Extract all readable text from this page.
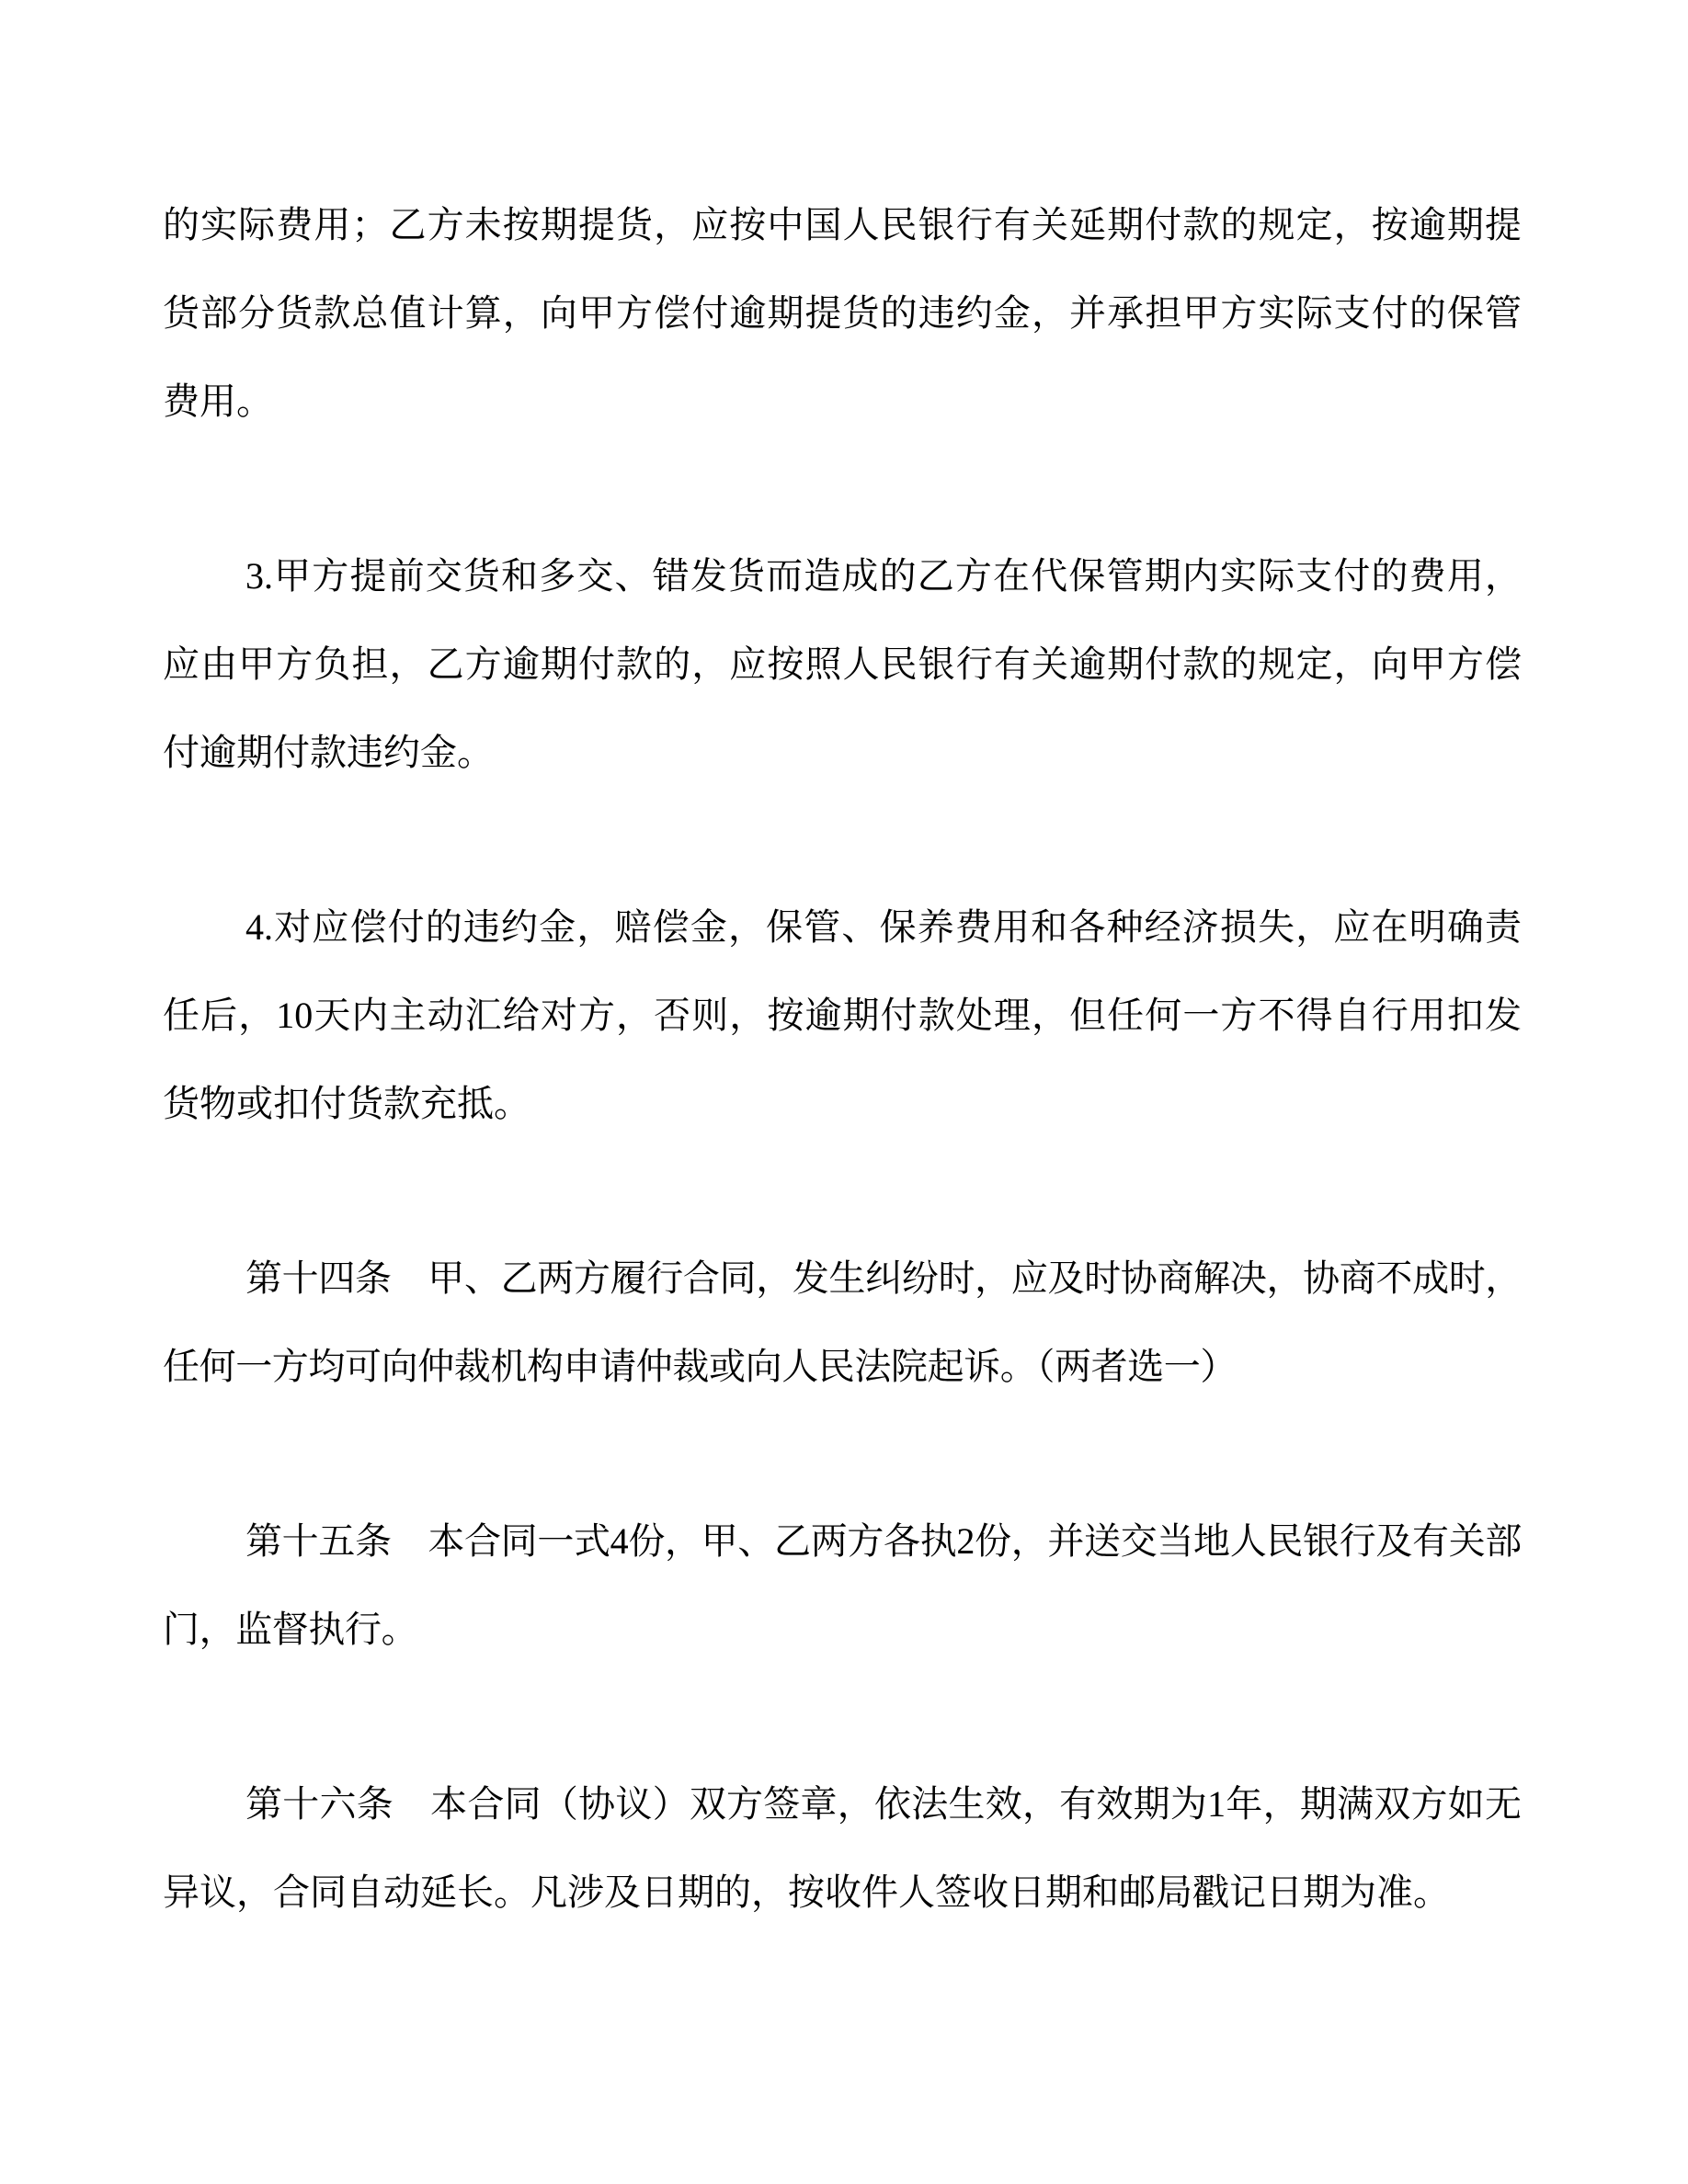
的实际费用；乙方未按期提货，应按中国人民银行有关延期付款的规定，按逾期提货部分货款总值计算，向甲方偿付逾期提货的违约金，并承担甲方实际支付的保管费用。

3.甲方提前交货和多交、错发货而造成的乙方在代保管期内实际支付的费用，应由甲方负担，乙方逾期付款的，应按照人民银行有关逾期付款的规定，向甲方偿付逾期付款违约金。

4.对应偿付的违约金，赔偿金，保管、保养费用和各种经济损失，应在明确责任后，10天内主动汇给对方，否则，按逾期付款处理，但任何一方不得自行用扣发货物或扣付货款充抵。

第十四条　甲、乙两方履行合同，发生纠纷时，应及时协商解决，协商不成时，任何一方均可向仲裁机构申请仲裁或向人民法院起诉。（两者选一）

第十五条　本合同一式4份，甲、乙两方各执2份，并送交当地人民银行及有关部门，监督执行。

第十六条　本合同（协议）双方签章，依法生效，有效期为1年，期满双方如无异议，合同自动延长。凡涉及日期的，按收件人签收日期和邮局戳记日期为准。
